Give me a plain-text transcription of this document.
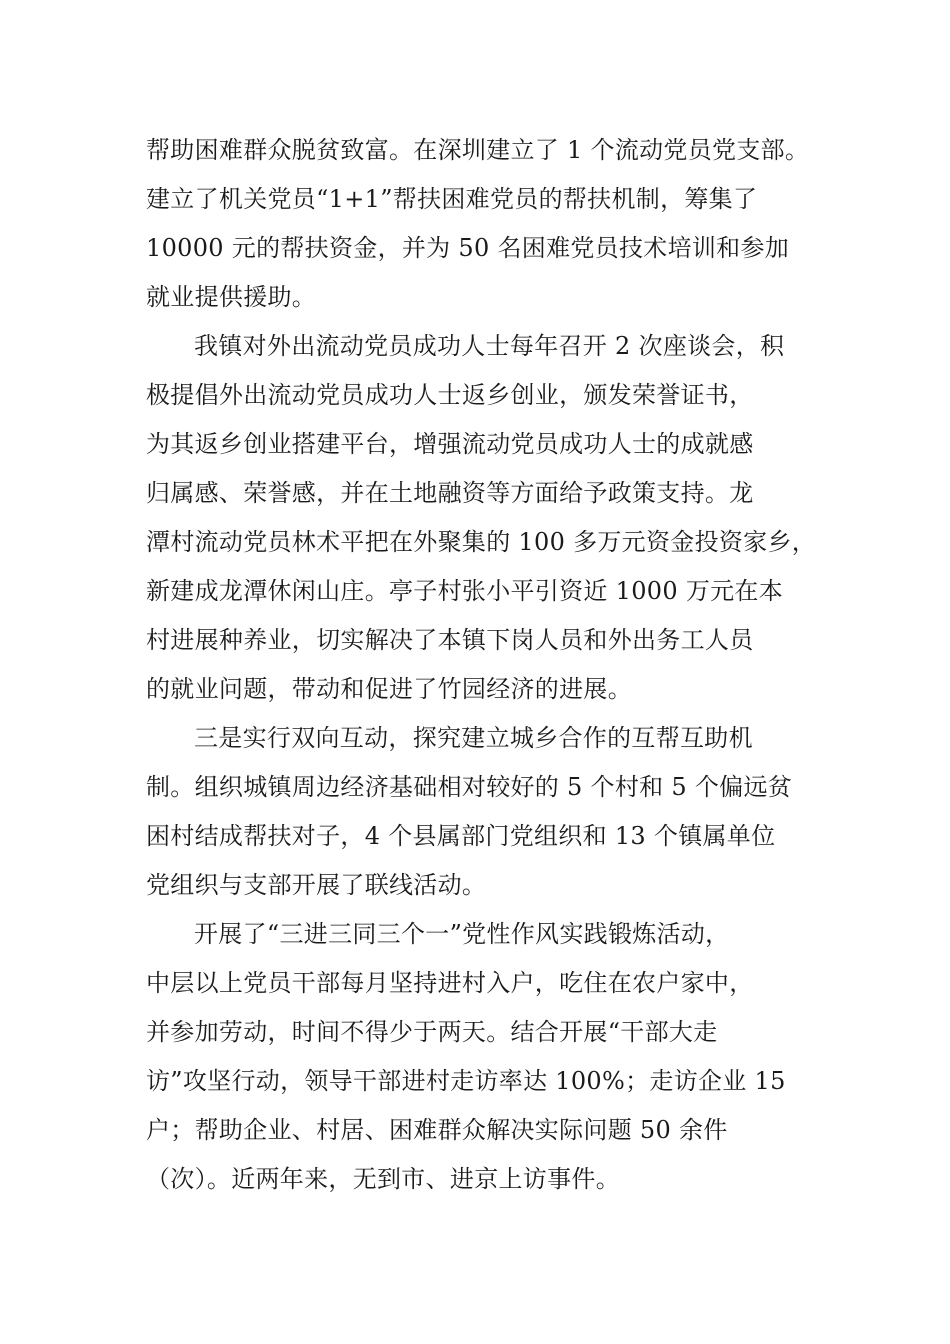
帮助困难群众脱贫致富。在深圳建立了 1 个流动党员党支部。
建立了机关党员“1+1”帮扶困难党员的帮扶机制，筹集了
10000 元的帮扶资金，并为 50 名困难党员技术培训和参加
就业提供援助。
我镇对外出流动党员成功人士每年召开 2 次座谈会，积
极提倡外出流动党员成功人士返乡创业，颁发荣誉证书，
为其返乡创业搭建平台，增强流动党员成功人士的成就感
归属感、荣誉感，并在土地融资等方面给予政策支持。龙
潭村流动党员林术平把在外聚集的 100 多万元资金投资家乡，
新建成龙潭休闲山庄。亭子村张小平引资近 1000 万元在本
村进展种养业，切实解决了本镇下岗人员和外出务工人员
的就业问题，带动和促进了竹园经济的进展。
三是实行双向互动，探究建立城乡合作的互帮互助机
制。组织城镇周边经济基础相对较好的 5 个村和 5 个偏远贫
困村结成帮扶对子，4 个县属部门党组织和 13 个镇属单位
党组织与支部开展了联线活动。
开展了“三进三同三个一”党性作风实践锻炼活动，
中层以上党员干部每月坚持进村入户，吃住在农户家中，
并参加劳动，时间不得少于两天。结合开展“干部大走
访”攻坚行动，领导干部进村走访率达 100%；走访企业 15
户；帮助企业、村居、困难群众解决实际问题 50 余件
（次）。近两年来，无到市、进京上访事件。
